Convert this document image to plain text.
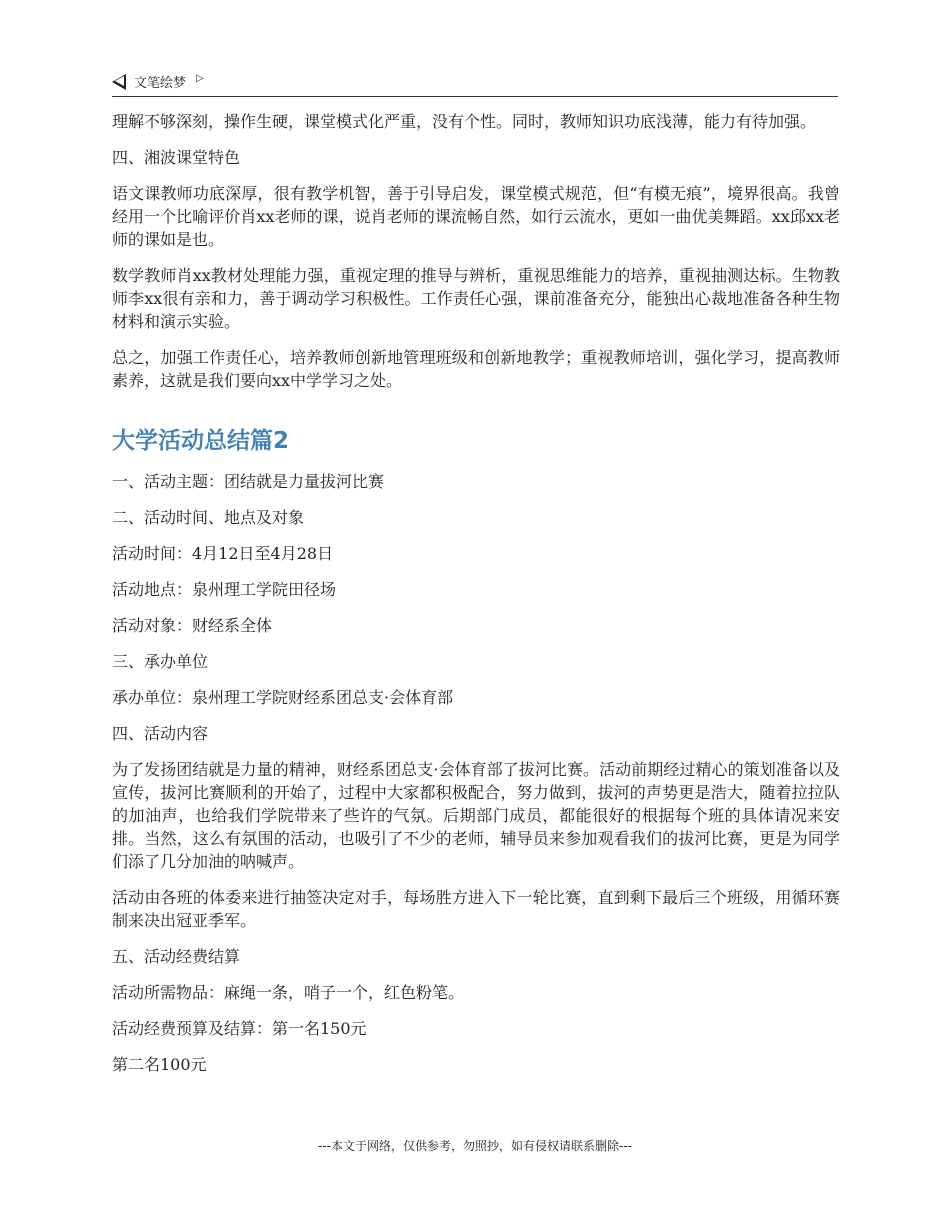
文笔绘梦 ▷

理解不够深刻，操作生硬，课堂模式化严重，没有个性。同时，教师知识功底浅薄，能力有待加强。

四、湘波课堂特色

语文课教师功底深厚，很有教学机智，善于引导启发，课堂模式规范，但“有模无痕”，境界很高。我曾经用一个比喻评价肖xx老师的课，说肖老师的课流畅自然，如行云流水，更如一曲优美舞蹈。xx邱xx老师的课如是也。

数学教师肖xx教材处理能力强，重视定理的推导与辨析，重视思维能力的培养，重视抽测达标。生物教师李xx很有亲和力，善于调动学习积极性。工作责任心强，课前准备充分，能独出心裁地准备各种生物材料和演示实验。

总之，加强工作责任心，培养教师创新地管理班级和创新地教学；重视教师培训，强化学习，提高教师素养，这就是我们要向xx中学学习之处。

大学活动总结篇2

一、活动主题：团结就是力量拔河比赛

二、活动时间、地点及对象

活动时间：4月12日至4月28日

活动地点：泉州理工学院田径场

活动对象：财经系全体

三、承办单位

承办单位：泉州理工学院财经系团总支·会体育部

四、活动内容

为了发扬团结就是力量的精神，财经系团总支·会体育部了拔河比赛。活动前期经过精心的策划准备以及宣传，拔河比赛顺利的开始了，过程中大家都积极配合，努力做到，拔河的声势更是浩大，随着拉拉队的加油声，也给我们学院带来了些许的气氛。后期部门成员，都能很好的根据每个班的具体请况来安排。当然，这么有氛围的活动，也吸引了不少的老师，辅导员来参加观看我们的拔河比赛，更是为同学们添了几分加油的呐喊声。

活动由各班的体委来进行抽签决定对手，每场胜方进入下一轮比赛，直到剩下最后三个班级，用循环赛制来决出冠亚季军。

五、活动经费结算

活动所需物品：麻绳一条，哨子一个，红色粉笔。

活动经费预算及结算：第一名150元

第二名100元

---本文于网络，仅供参考，勿照抄，如有侵权请联系删除---
